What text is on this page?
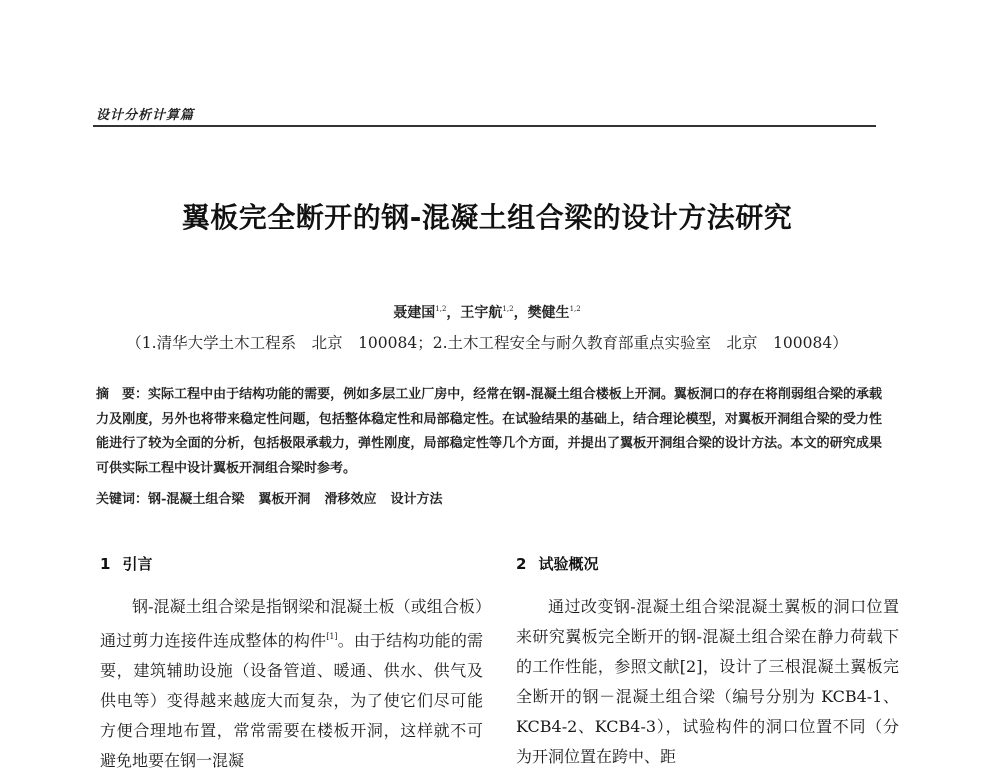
设计分析计算篇
翼板完全断开的钢-混凝土组合梁的设计方法研究
聂建国$^{1,2}$，王宇航$^{1,2}$，樊健生$^{1,2}$
（1.清华大学土木工程系　北京　100084；2.土木工程安全与耐久教育部重点实验室　北京　100084）
摘　要：实际工程中由于结构功能的需要，例如多层工业厂房中，经常在钢-混凝土组合楼板上开洞。翼板洞口的存在将削弱组合梁的承载力及刚度，另外也将带来稳定性问题，包括整体稳定性和局部稳定性。在试验结果的基础上，结合理论模型，对翼板开洞组合梁的受力性能进行了较为全面的分析，包括极限承载力，弹性刚度，局部稳定性等几个方面，并提出了翼板开洞组合梁的设计方法。本文的研究成果可供实际工程中设计翼板开洞组合梁时参考。
关键词：钢-混凝土组合梁 翼板开洞 滑移效应 设计方法
1 引言

钢-混凝土组合梁是指钢梁和混凝土板（或组合板）通过剪力连接件连成整体的构件[1]。由于结构功能的需要，建筑辅助设施（设备管道、暖通、供水、供气及供电等）变得越来越庞大而复杂，为了使它们尽可能方便合理地布置，常常需要在楼板开洞，这样就不可避免地要在钢一混凝

2 试验概况

通过改变钢-混凝土组合梁混凝土翼板的洞口位置来研究翼板完全断开的钢-混凝土组合梁在静力荷载下的工作性能，参照文献[2]，设计了三根混凝土翼板完全断开的钢－混凝土组合梁（编号分别为 KCB4-1、KCB4-2、KCB4-3），试验构件的洞口位置不同（分为开洞位置在跨中、距
